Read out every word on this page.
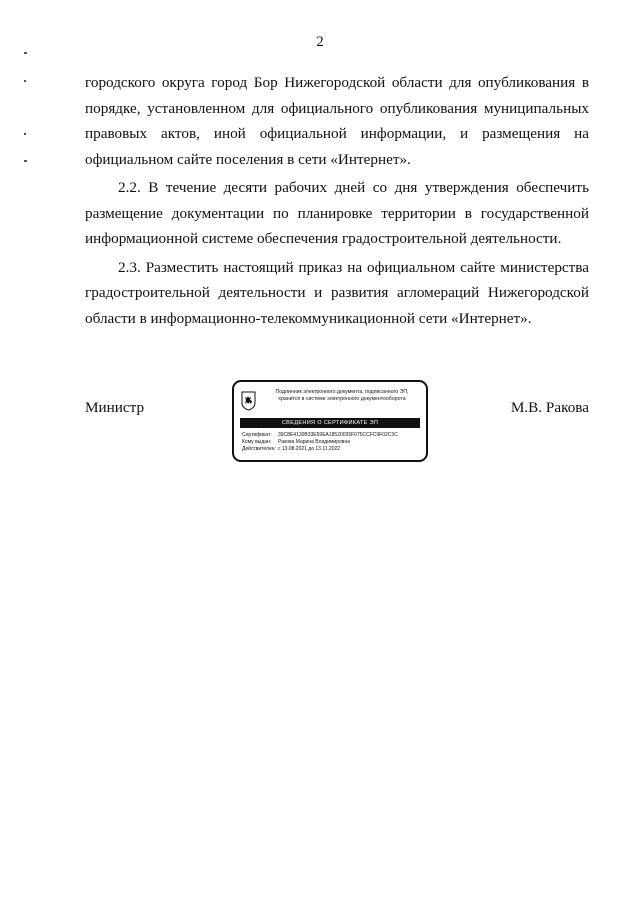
2

городского округа город Бор Нижегородской области для опубликования в порядке, установленном для официального опубликования муниципальных правовых актов, иной официальной информации, и размещения на официальном сайте поселения в сети «Интернет».

2.2. В течение десяти рабочих дней со дня утверждения обеспечить размещение документации по планировке территории в государственной информационной системе обеспечения градостроительной деятельности.

2.3. Разместить настоящий приказ на официальном сайте министерства градостроительной деятельности и развития агломераций Нижегородской области в информационно-телекоммуникационной сети «Интернет».

Министр	М.В. Ракова
Подлинник электронного документа, подписанного ЭП,
хранится в системе электронного документооборота
СВЕДЕНИЯ О СЕРТИФИКАТЕ ЭП
Сертификат: 39C8E4130B33E59EA18520035F075CCFC9F02C3C
Кому выдан: Ракова Марина Владимировна
Действителен: с 13.08.2021 до 13.11.2022
